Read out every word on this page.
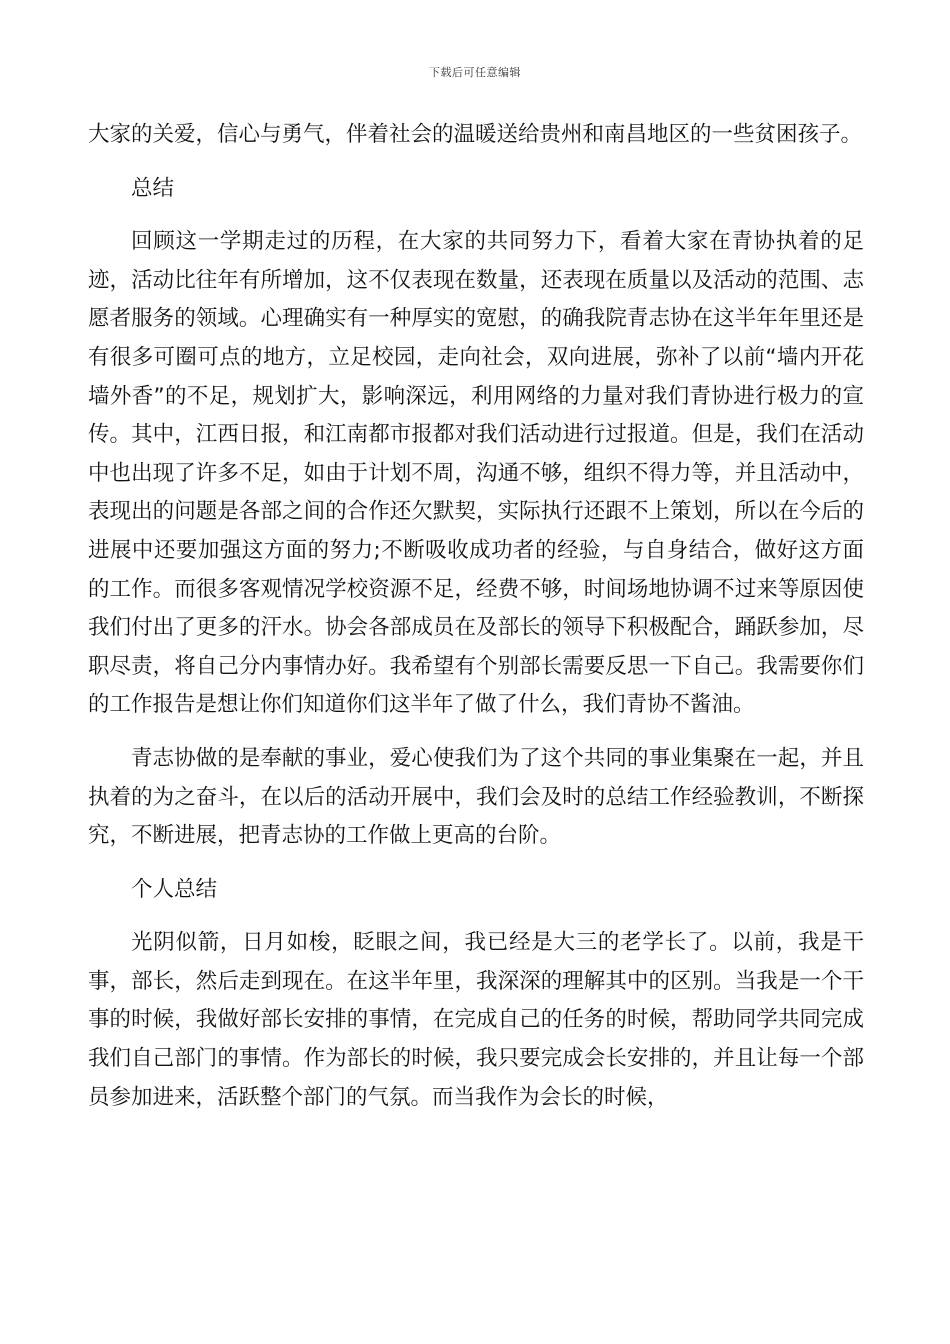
下载后可任意编辑

大家的关爱，信心与勇气，伴着社会的温暖送给贵州和南昌地区的一些贫困孩子。

总结

回顾这一学期走过的历程，在大家的共同努力下，看着大家在青协执着的足迹，活动比往年有所增加，这不仅表现在数量，还表现在质量以及活动的范围、志愿者服务的领域。心理确实有一种厚实的宽慰，的确我院青志协在这半年年里还是有很多可圈可点的地方，立足校园，走向社会，双向进展，弥补了以前“墙内开花墙外香”的不足，规划扩大，影响深远，利用网络的力量对我们青协进行极力的宣传。其中，江西日报，和江南都市报都对我们活动进行过报道。但是，我们在活动中也出现了许多不足，如由于计划不周，沟通不够，组织不得力等，并且活动中，表现出的问题是各部之间的合作还欠默契，实际执行还跟不上策划，所以在今后的进展中还要加强这方面的努力;不断吸收成功者的经验，与自身结合，做好这方面的工作。而很多客观情况学校资源不足，经费不够，时间场地协调不过来等原因使我们付出了更多的汗水。协会各部成员在及部长的领导下积极配合，踊跃参加，尽职尽责，将自己分内事情办好。我希望有个别部长需要反思一下自己。我需要你们的工作报告是想让你们知道你们这半年了做了什么，我们青协不酱油。

青志协做的是奉献的事业，爱心使我们为了这个共同的事业集聚在一起，并且执着的为之奋斗，在以后的活动开展中，我们会及时的总结工作经验教训，不断探究，不断进展，把青志协的工作做上更高的台阶。

个人总结

光阴似箭，日月如梭，眨眼之间，我已经是大三的老学长了。以前，我是干事，部长，然后走到现在。在这半年里，我深深的理解其中的区别。当我是一个干事的时候，我做好部长安排的事情，在完成自己的任务的时候，帮助同学共同完成我们自己部门的事情。作为部长的时候，我只要完成会长安排的，并且让每一个部员参加进来，活跃整个部门的气氛。而当我作为会长的时候，
